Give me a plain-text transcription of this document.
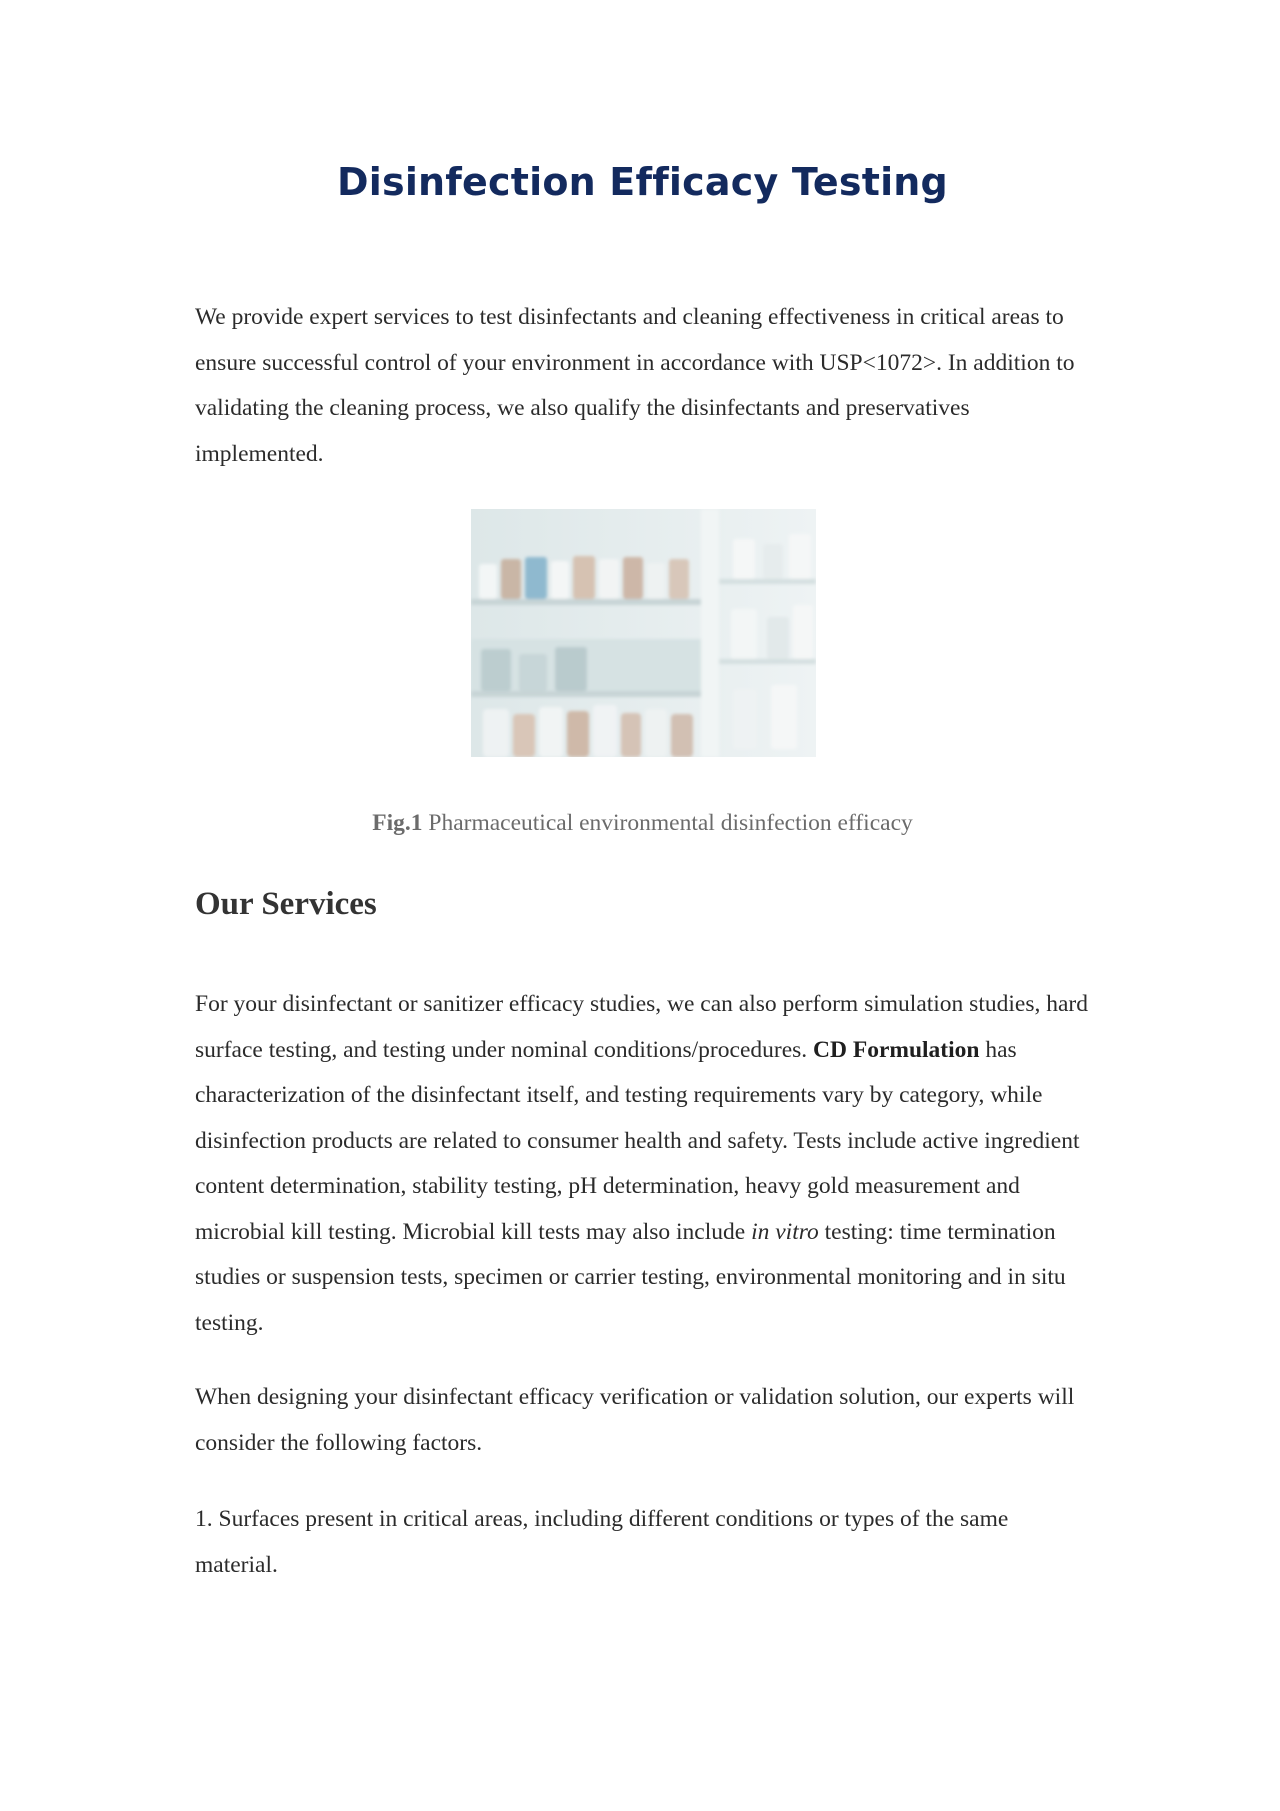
Disinfection Efficacy Testing

We provide expert services to test disinfectants and cleaning effectiveness in critical areas to ensure successful control of your environment in accordance with USP<1072>. In addition to validating the cleaning process, we also qualify the disinfectants and preservatives implemented.

Fig.1 Pharmaceutical environmental disinfection efficacy

Our Services

For your disinfectant or sanitizer efficacy studies, we can also perform simulation studies, hard surface testing, and testing under nominal conditions/procedures. CD Formulation has characterization of the disinfectant itself, and testing requirements vary by category, while disinfection products are related to consumer health and safety. Tests include active ingredient content determination, stability testing, pH determination, heavy gold measurement and microbial kill testing. Microbial kill tests may also include in vitro testing: time termination studies or suspension tests, specimen or carrier testing, environmental monitoring and in situ testing.

When designing your disinfectant efficacy verification or validation solution, our experts will consider the following factors.

1. Surfaces present in critical areas, including different conditions or types of the same material.
